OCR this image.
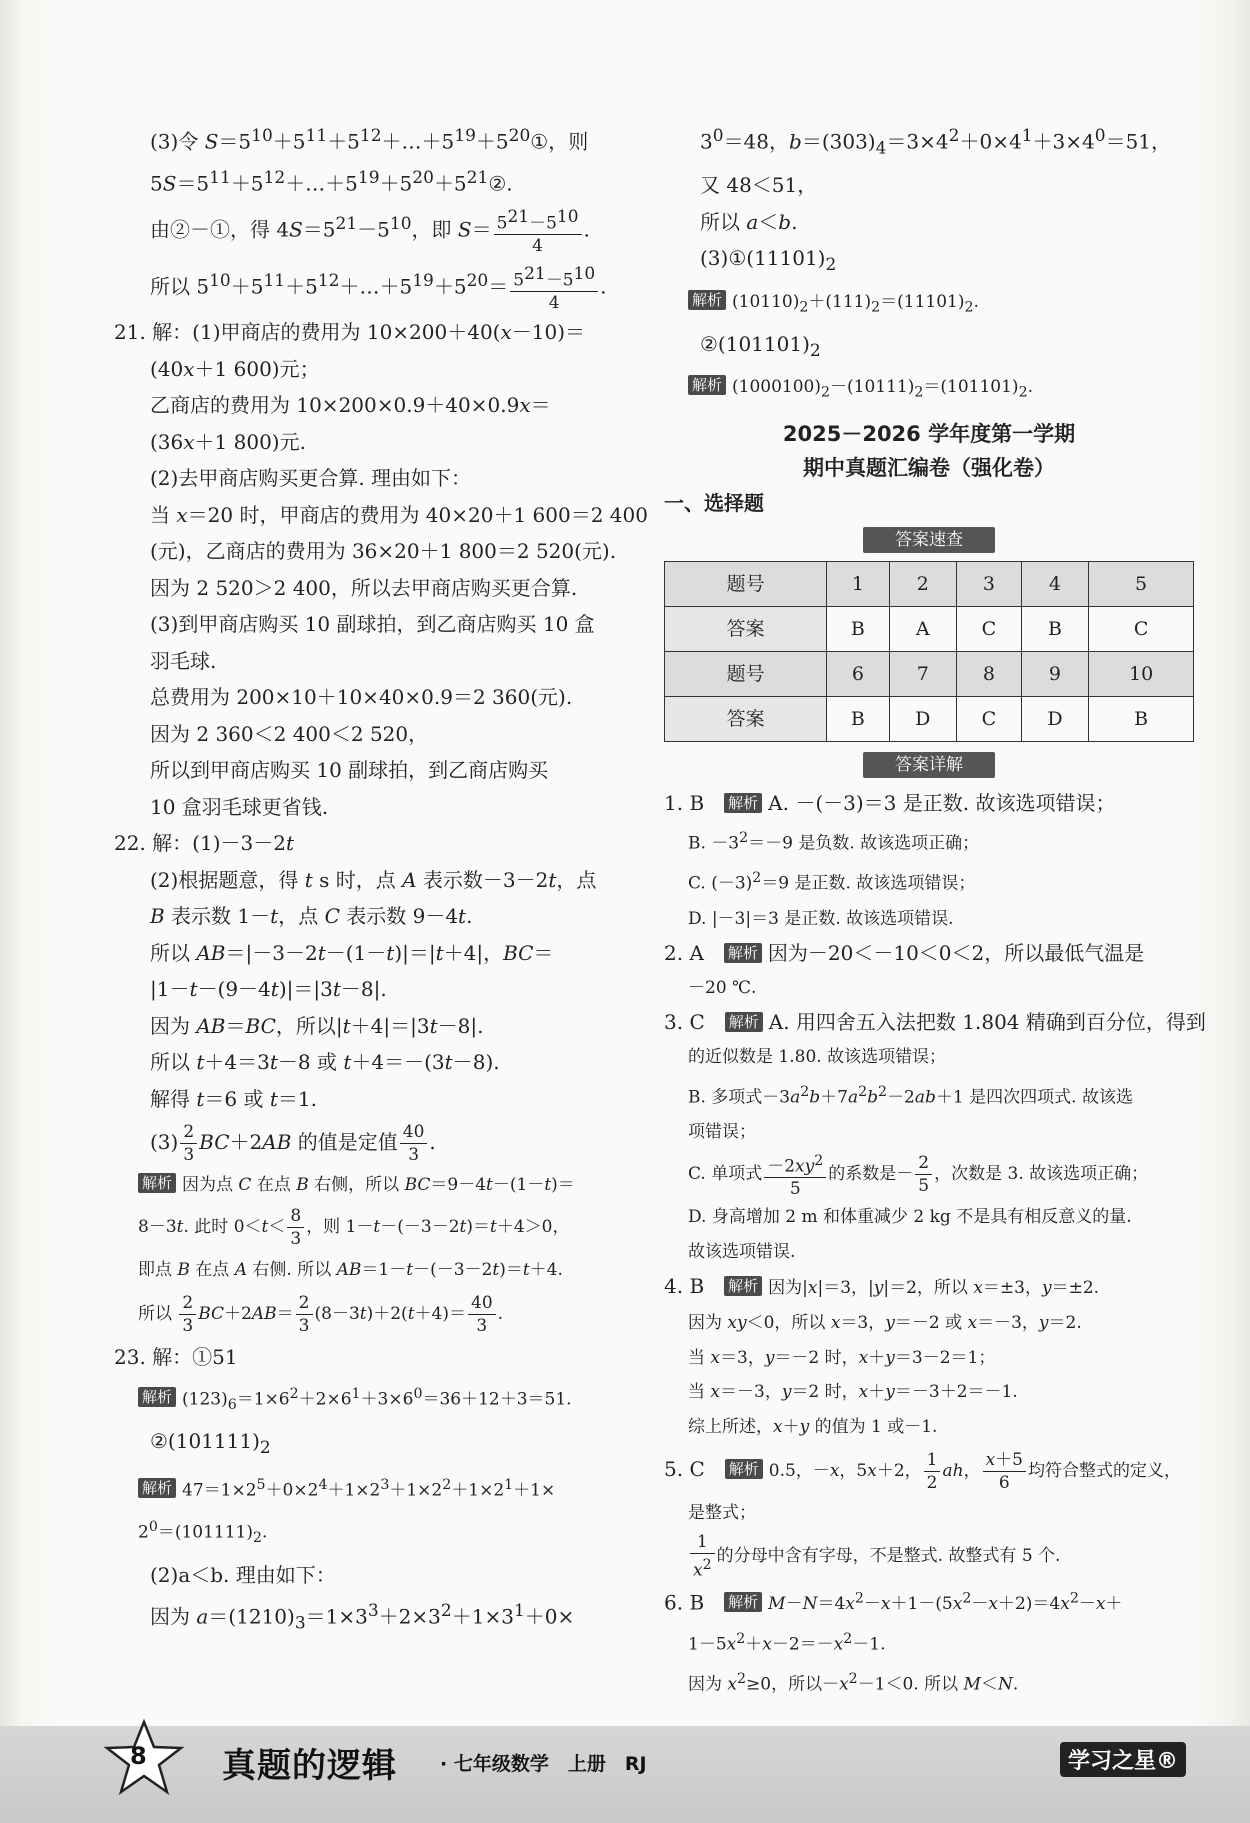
(3)令 $S=5^{10}+5^{11}+5^{12}+\dots+5^{19}+5^{20}①$，则
$5S=5^{11}+5^{12}+\dots+5^{19}+5^{20}+5^{21}②$.
由②－①，得 $4S=5^{21}-5^{10}$，即 $S= \frac{5^{21}-5^{10}}{4}$ .
所以 $5^{10}+5^{11}+5^{12}+\dots+5^{19}+5^{20}= \frac{5^{21}-5^{10}}{4}$ .
21. 解：(1)甲商店的费用为 10×200＋40(x－10)＝
(40x＋1 600)元；
乙商店的费用为 10×200×0.9＋40×0.9x＝
(36x＋1 800)元.
(2)去甲商店购买更合算. 理由如下：
当 x＝20 时，甲商店的费用为 40×20＋1 600＝2 400
(元)，乙商店的费用为 36×20＋1 800＝2 520(元).
因为 2 520＞2 400，所以去甲商店购买更合算.
(3)到甲商店购买 10 副球拍，到乙商店购买 10 盒
羽毛球.
总费用为 200×10＋10×40×0.9＝2 360(元).
因为 2 360＜2 400＜2 520，
所以到甲商店购买 10 副球拍，到乙商店购买
10 盒羽毛球更省钱.
22. 解：(1)－3－2t
(2)根据题意，得 t s 时，点 A 表示数－3－2t，点
B 表示数 1－t，点 C 表示数 9－4t.
所以 AB＝|－3－2t－(1－t)|＝|t＋4|，BC＝
|1－t－(9－4t)|＝|3t－8|.
因为 AB＝BC，所以|t＋4|＝|3t－8|.
所以 t＋4＝3t－8 或 t＋4＝－(3t－8).
解得 t＝6 或 t＝1.
$(3) \frac{2}{3} BC+2AB$ 的值是定值 $\frac{40}{3}$ .
解析 因为点 C 在点 B 右侧，所以 BC＝9－4t－(1－t)＝
8－3t. 此时 $0<t< \frac{8}{3}$ ，则 1－t－(－3－2t)＝t＋4＞0，
即点 B 在点 A 右侧. 所以 AB＝1－t－(－3－2t)＝t＋4.
所以 $\frac{2}{3} BC+2AB= \frac{2}{3} (8-3t)+2(t+4)= \frac{40}{3}$ .
23. 解：①51
解析 $(123)_6=1\times 6^2+2\times 6^1+3\times 6^0=36+12+3=51$.
$②(101111)_2$
解析 $47=1\times 2^5+0\times 2^4+1\times 2^3+1\times 2^2+1\times 2^1+1\times$
$2^0=(101111)_2$.
(2)a＜b. 理由如下：
因为 $a=(1210)_3=1\times 3^3+2\times 3^2+1\times 3^1+0\times$
$3^0=48$，$b=(303)_4=3\times 4^2+0\times 4^1+3\times 4^0=51$，
又 48＜51，
所以 a＜b.
$(3)①(11101)_2$
解析 $(10110)_2+(111)_2=(11101)_2$.
$②(101101)_2$
解析 $(1000100)_2-(10111)_2=(101101)_2$.
2025－2026 学年度第一学期
期中真题汇编卷（强化卷）
一、选择题
答案速查
题号	1	2	3	4	5
答案	B	A	C	B	C
题号	6	7	8	9	10
答案	B	D	C	D	B
答案详解
1. B　 解析 A. －(－3)＝3 是正数. 故该选项错误；
B. $-3^2=-9$ 是负数. 故该选项正确；
C. $(-3)^2=9$ 是正数. 故该选项错误；
D. |－3|＝3 是正数. 故该选项错误.
2. A　 解析 因为－20＜－10＜0＜2，所以最低气温是
－20 ℃.
3. C　 解析 A. 用四舍五入法把数 1.804 精确到百分位，得到
的近似数是 1.80. 故该选项错误；
B. 多项式$-3a^2b+7a^2b^2-2ab+1$ 是四次四项式. 故该选
项错误；
C. 单项式 $\frac{-2xy^2}{5}$ 的系数是－ $\frac{2}{5}$ ，次数是 3. 故该选项正确；
D. 身高增加 2 m 和体重减少 2 kg 不是具有相反意义的量.
故该选项错误.
4. B　 解析 因为|x|＝3，|y|＝2，所以 x＝±3，y＝±2.
因为 xy＜0，所以 x＝3，y＝－2 或 x＝－3，y＝2.
当 x＝3，y＝－2 时，x＋y＝3－2＝1；
当 x＝－3，y＝2 时，x＋y＝－3＋2＝－1.
综上所述，x＋y 的值为 1 或－1.
5. C　 解析 0.5，－x，5x＋2， $\frac{1}{2}$ ah， $\frac{x+5}{6}$ 均符合整式的定义，
是整式；
$\frac{1}{x^2}$ 的分母中含有字母，不是整式. 故整式有 5 个.
6. B　 解析 $M-N=4x^2-x+1-(5x^2-x+2)=4x^2-x+$
$1-5x^2+x-2=-x^2-1$.
因为 $x^2\ge 0$，所以$-x^2-1<0$. 所以 M＜N.
8 真题的逻辑 · 七年级数学　上册　RJ	学习之星®
